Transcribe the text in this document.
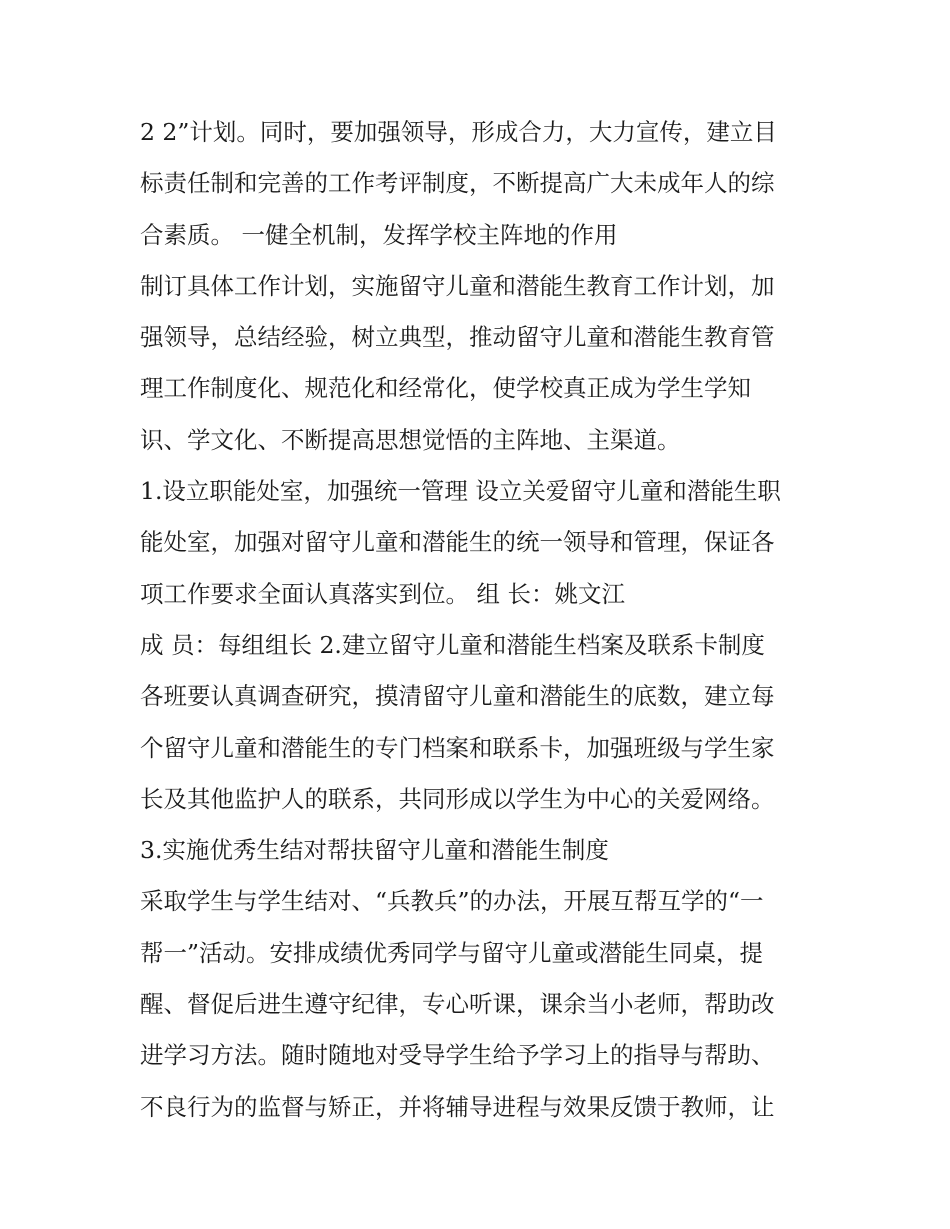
2 2”计划。同时，要加强领导，形成合力，大力宣传，建立目
标责任制和完善的工作考评制度，不断提高广大未成年人的综
合素质。 一健全机制，发挥学校主阵地的作用
制订具体工作计划，实施留守儿童和潜能生教育工作计划，加
强领导，总结经验，树立典型，推动留守儿童和潜能生教育管
理工作制度化、规范化和经常化，使学校真正成为学生学知
识、学文化、不断提高思想觉悟的主阵地、主渠道。
1.设立职能处室，加强统一管理 设立关爱留守儿童和潜能生职
能处室，加强对留守儿童和潜能生的统一领导和管理，保证各
项工作要求全面认真落实到位。 组 长：姚文江
成 员：每组组长 2.建立留守儿童和潜能生档案及联系卡制度
各班要认真调查研究，摸清留守儿童和潜能生的底数，建立每
个留守儿童和潜能生的专门档案和联系卡，加强班级与学生家
长及其他监护人的联系，共同形成以学生为中心的关爱网络。
3.实施优秀生结对帮扶留守儿童和潜能生制度
采取学生与学生结对、“兵教兵”的办法，开展互帮互学的“一
帮一”活动。安排成绩优秀同学与留守儿童或潜能生同桌，提
醒、督促后进生遵守纪律，专心听课，课余当小老师，帮助改
进学习方法。随时随地对受导学生给予学习上的指导与帮助、
不良行为的监督与矫正，并将辅导进程与效果反馈于教师，让
